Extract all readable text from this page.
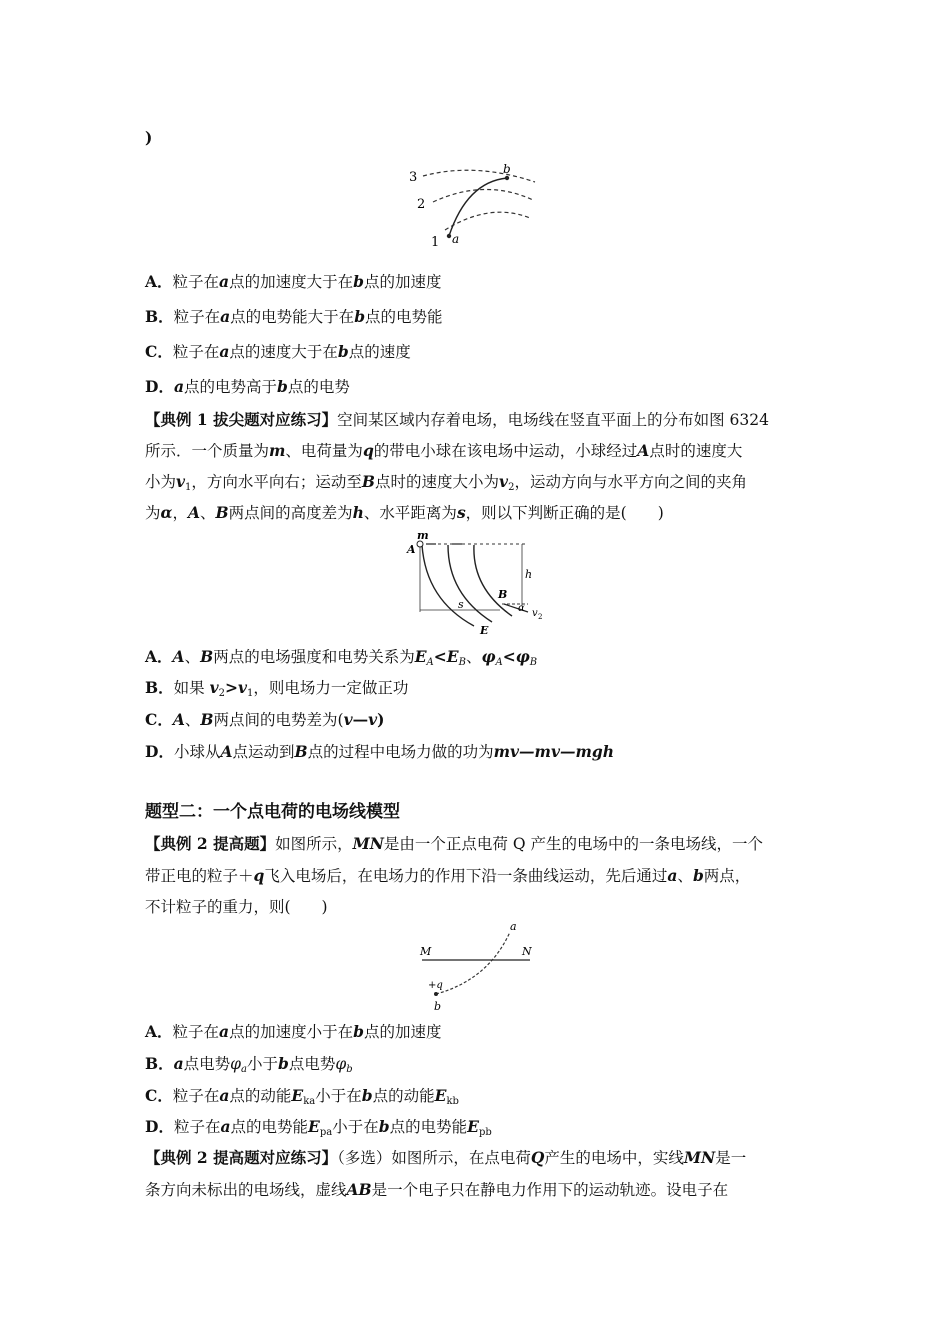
)
3
2
1 a
b
A．粒子在a点的加速度大于在b点的加速度
B．粒子在a点的电势能大于在b点的电势能
C．粒子在a点的速度大于在b点的速度
D．a点的电势高于b点的电势
【典例 1 拔尖题对应练习】空间某区域内存着电场，电场线在竖直平面上的分布如图 6324
所示．一个质量为m、电荷量为q的带电小球在该电场中运动，小球经过A点时的速度大
小为$v_1$，方向水平向右；运动至B点时的速度大小为$v_2$，运动方向与水平方向之间的夹角
为α，A、B两点间的高度差为h、水平距离为s，则以下判断正确的是(　　)
m
A
h
B
s	α v 2
E
A．A、B两点的电场强度和电势关系为$E_A<E_B$、$\varphi_A<\varphi_B$
B．如果 $v_2>v_1$，则电场力一定做正功
C．A、B两点间的电势差为(v—v)
D．小球从A点运动到B点的过程中电场力做的功为mv—mv—mgh
题型二：一个点电荷的电场线模型
【典例 2 提高题】如图所示，MN是由一个正点电荷 Q 产生的电场中的一条电场线，一个
带正电的粒子＋q飞入电场后，在电场力的作用下沿一条曲线运动，先后通过a、b两点，
不计粒子的重力，则(　　)
M	N
a
+q
b
A．粒子在a点的加速度小于在b点的加速度
B．a点电势$\varphi_a$小于b点电势$\varphi_b$
C．粒子在a点的动能$E_{ka}$小于在b点的动能$E_{kb}$
D．粒子在a点的电势能$E_{pa}$小于在b点的电势能$E_{pb}$
【典例 2 提高题对应练习】（多选）如图所示，在点电荷Q产生的电场中，实线MN是一
条方向未标出的电场线，虚线AB是一个电子只在静电力作用下的运动轨迹。设电子在
